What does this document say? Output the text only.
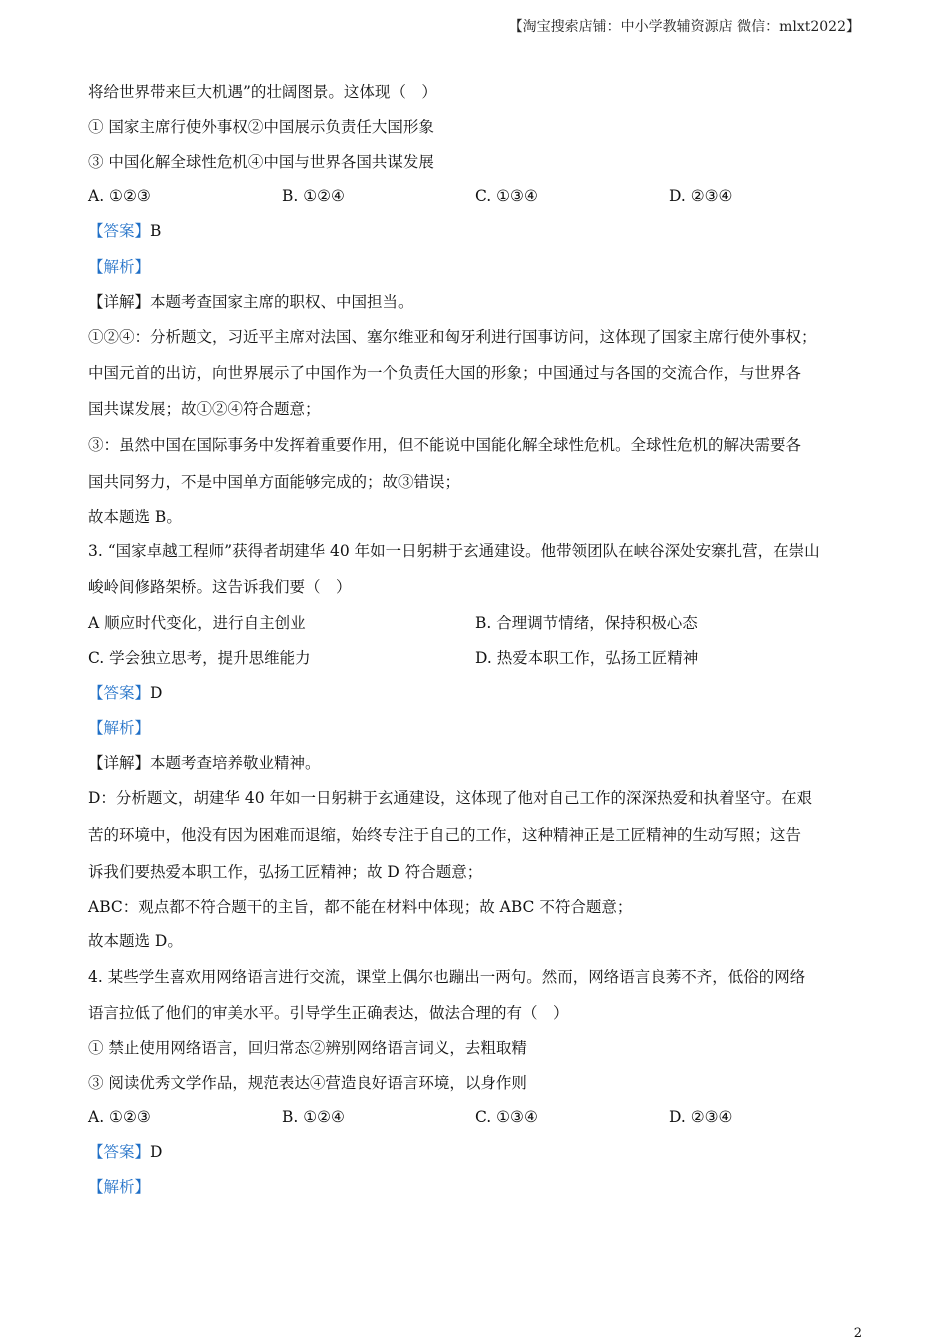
【淘宝搜索店铺：中小学教辅资源店 微信：mlxt2022】
将给世界带来巨大机遇”的壮阔图景。这体现（　）
① 国家主席行使外事权②中国展示负责任大国形象
③ 中国化解全球性危机④中国与世界各国共谋发展
A. ①②③	B. ①②④	C. ①③④	D. ②③④
【答案】B
【解析】
【详解】本题考查国家主席的职权、中国担当。
①②④：分析题文，习近平主席对法国、塞尔维亚和匈牙利进行国事访问，这体现了国家主席行使外事权；
中国元首的出访，向世界展示了中国作为一个负责任大国的形象；中国通过与各国的交流合作，与世界各
国共谋发展；故①②④符合题意；
③：虽然中国在国际事务中发挥着重要作用，但不能说中国能化解全球性危机。全球性危机的解决需要各
国共同努力，不是中国单方面能够完成的；故③错误；
故本题选 B。
3. “国家卓越工程师”获得者胡建华 40 年如一日躬耕于玄通建设。他带领团队在峡谷深处安寨扎营，在崇山
峻岭间修路架桥。这告诉我们要（　）
A 顺应时代变化，进行自主创业	B. 合理调节情绪，保持积极心态
C. 学会独立思考，提升思维能力	D. 热爱本职工作，弘扬工匠精神
【答案】D
【解析】
【详解】本题考查培养敬业精神。
D：分析题文，胡建华 40 年如一日躬耕于玄通建设，这体现了他对自己工作的深深热爱和执着坚守。在艰
苦的环境中，他没有因为困难而退缩，始终专注于自己的工作，这种精神正是工匠精神的生动写照；这告
诉我们要热爱本职工作，弘扬工匠精神；故 D 符合题意；
ABC：观点都不符合题干的主旨，都不能在材料中体现；故 ABC 不符合题意；
故本题选 D。
4. 某些学生喜欢用网络语言进行交流，课堂上偶尔也蹦出一两句。然而，网络语言良莠不齐，低俗的网络
语言拉低了他们的审美水平。引导学生正确表达，做法合理的有（　）
① 禁止使用网络语言，回归常态②辨别网络语言词义，去粗取精
③ 阅读优秀文学作品，规范表达④营造良好语言环境，以身作则
A. ①②③	B. ①②④	C. ①③④	D. ②③④
【答案】D
【解析】
2
